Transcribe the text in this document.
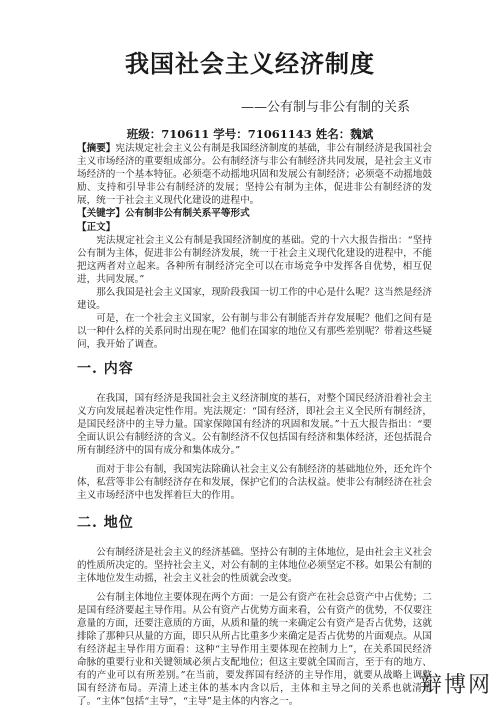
我国社会主义经济制度
——公有制与非公有制的关系
班级：710611 学号：71061143 姓名：魏斌

【摘要】宪法规定社会主义公有制是我国经济制度的基础，非公有制经济是我国社会主义市场经济的重要组成部分。公有制经济与非公有制经济共同发展，是社会主义市场经济的一个基本特征。必须毫不动摇地巩固和发展公有制经济；必须毫不动摇地鼓励、支持和引导非公有制经济的发展；坚持公有制为主体，促进非公有制经济的发展，统一于社会主义现代化建设的进程中。

【关键字】公有制非公有制关系平等形式

【正文】

宪法规定社会主义公有制是我国经济制度的基础。党的十六大报告指出：“坚持公有制为主体，促进非公有制经济发展，统一于社会主义现代化建设的进程中，不能把这两者对立起来。各种所有制经济完全可以在市场竞争中发挥各自优势，相互促进，共同发展。”

那么我国是社会主义国家，现阶段我国一切工作的中心是什么呢？这当然是经济建设。

可是，在一个社会主义国家，公有制与非公有制能否并存发展呢？他们之间有是以一种什么样的关系同时出现在呢？他们在国家的地位又有那些差别呢？带着这些疑问，我开始了调查。

一. 内容

在我国，国有经济是我国社会主义经济制度的基石，对整个国民经济沿着社会主义方向发展起着决定性作用。宪法规定：“国有经济，即社会主义全民所有制经济，是国民经济中的主导力量。国家保障国有经济的巩固和发展。”十五大报告指出：“要全面认识公有制经济的含义。公有制经济不仅包括国有经济和集体经济，还包括混合所有制经济中的国有成分和集体成分。”

而对于非公有制，我国宪法除确认社会主义公有制经济的基础地位外，还允许个体，私营等非公有制经济存在和发展，保护它们的合法权益。使非公有制经济在社会主义市场经济中也发挥着巨大的作用。

二. 地位

公有制经济是社会主义的经济基础。坚持公有制的主体地位，是由社会主义社会的性质所决定的。坚持社会主义，对公有制的主体地位必须坚定不移。如果公有制的主体地位发生动摇，社会主义社会的性质就会改变。

公有制主体地位主要体现在两个方面：一是公有资产在社会总资产中占优势；二是国有经济要起主导作用。从公有资产占优势方面来看，公有资产的优势，不仅要注意量的方面，还要注意质的方面，从质和量的统一来确定公有资产是否占优势，这就排除了那种只从量的方面，即只从所占比重多少来确定是否占优势的片面观点。从国有经济起主导作用方面看：这种“主导作用主要体现在控制力上”，在关系国民经济命脉的重要行业和关键领域必须占支配地位；但这主要就全国而言，至于有的地方、有的产业可以有所差别。”在当前，要发挥国有经济的主导作用，就要从战略上调整国有经济布局。弄清上述主体的基本内含以后，主体和主导之间的关系也就清楚了。“主体”包括“主导”，“主导”是主体的内容之一。

辩博网
